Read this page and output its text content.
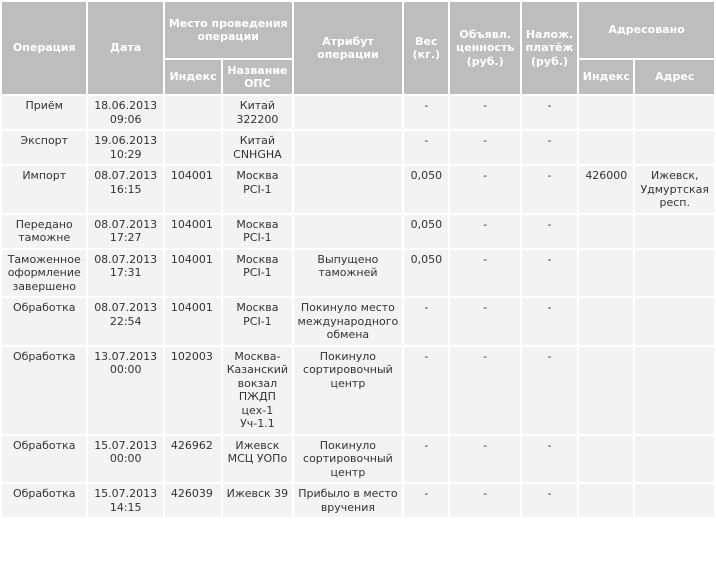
Операция	Дата	Место проведения операции		Атрибут операции	Вес (кг.)	Объявл. ценность (руб.)	Налож. платёж (руб.)	Адресовано	
		Индекс	Название ОПС					Индекс	Адрес
Приём	18.06.2013 09:06		Китай 322200		-	-	-		
Экспорт	19.06.2013 10:29		Китай CNHGHA		-	-	-		
Импорт	08.07.2013 16:15	104001	Москва PCI-1		0,050	-	-	426000	Ижевск, Удмуртская респ.
Передано таможне	08.07.2013 17:27	104001	Москва PCI-1		0,050	-	-		
Таможенное оформление завершено	08.07.2013 17:31	104001	Москва PCI-1	Выпущено таможней	0,050	-	-		
Обработка	08.07.2013 22:54	104001	Москва PCI-1	Покинуло место международного обмена	-	-	-		
Обработка	13.07.2013 00:00	102003	Москва-Казанский вокзал ПЖДП цех-1 Уч-1.1	Покинуло сортировочный центр	-	-	-		
Обработка	15.07.2013 00:00	426962	Ижевск МСЦ УОПо	Покинуло сортировочный центр	-	-	-		
Обработка	15.07.2013 14:15	426039	Ижевск 39	Прибыло в место вручения	-	-	-		
